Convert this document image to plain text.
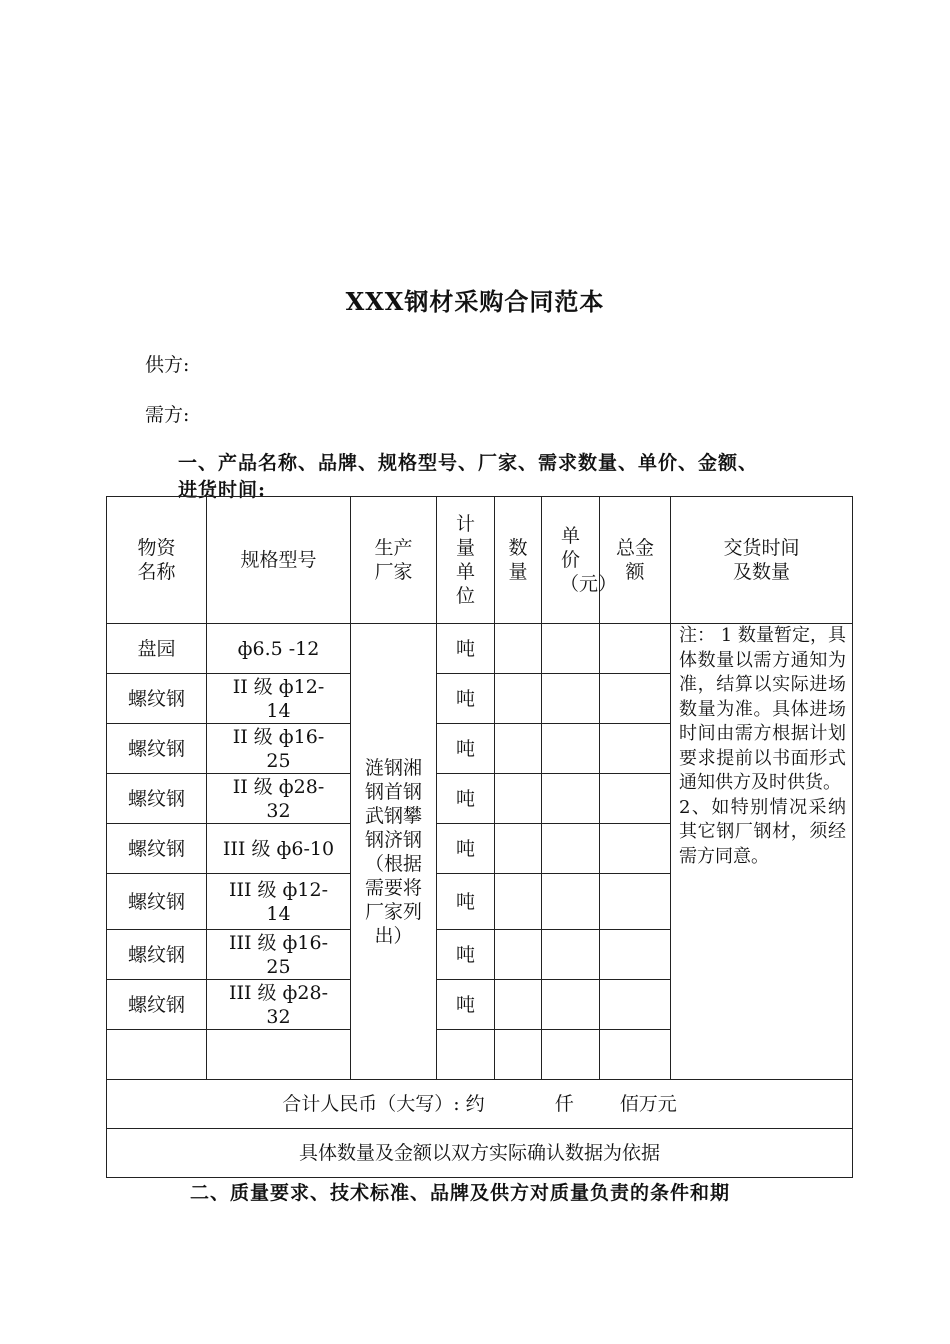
XXX钢材采购合同范本
供方:
需方:
一、产品名称、品牌、规格型号、厂家、需求数量、单价、金额、
进货时间:
物资名称	规格型号	生产厂家	计量单位	数量	单价（元）	总金额	交货时间及数量
盘园	ф6.5 -12	涟钢湘钢首钢武钢攀钢济钢（根据需要将厂家列出）	吨				注： 1 数量暂定，具体数量以需方通知为准，结算以实际进场数量为准。具体进场时间由需方根据计划要求提前以书面形式通知供方及时供货。

2、如特别情况采纳其它钢厂钢材，须经需方同意。

螺纹钢	II 级 ф12-14		吨				
螺纹钢	II 级 ф16-25		吨				
螺纹钢	II 级 ф28-32		吨				
螺纹钢	III 级 ф6-10		吨				
螺纹钢	III 级 ф12-14		吨				
螺纹钢	III 级 ф16-25		吨				
螺纹钢	III 级 ф28-32		吨				

合计人民币（大写）: 约 仟 佰万元							
具体数量及金额以双方实际确认数据为依据							
二、质量要求、技术标准、品牌及供方对质量负责的条件和期
